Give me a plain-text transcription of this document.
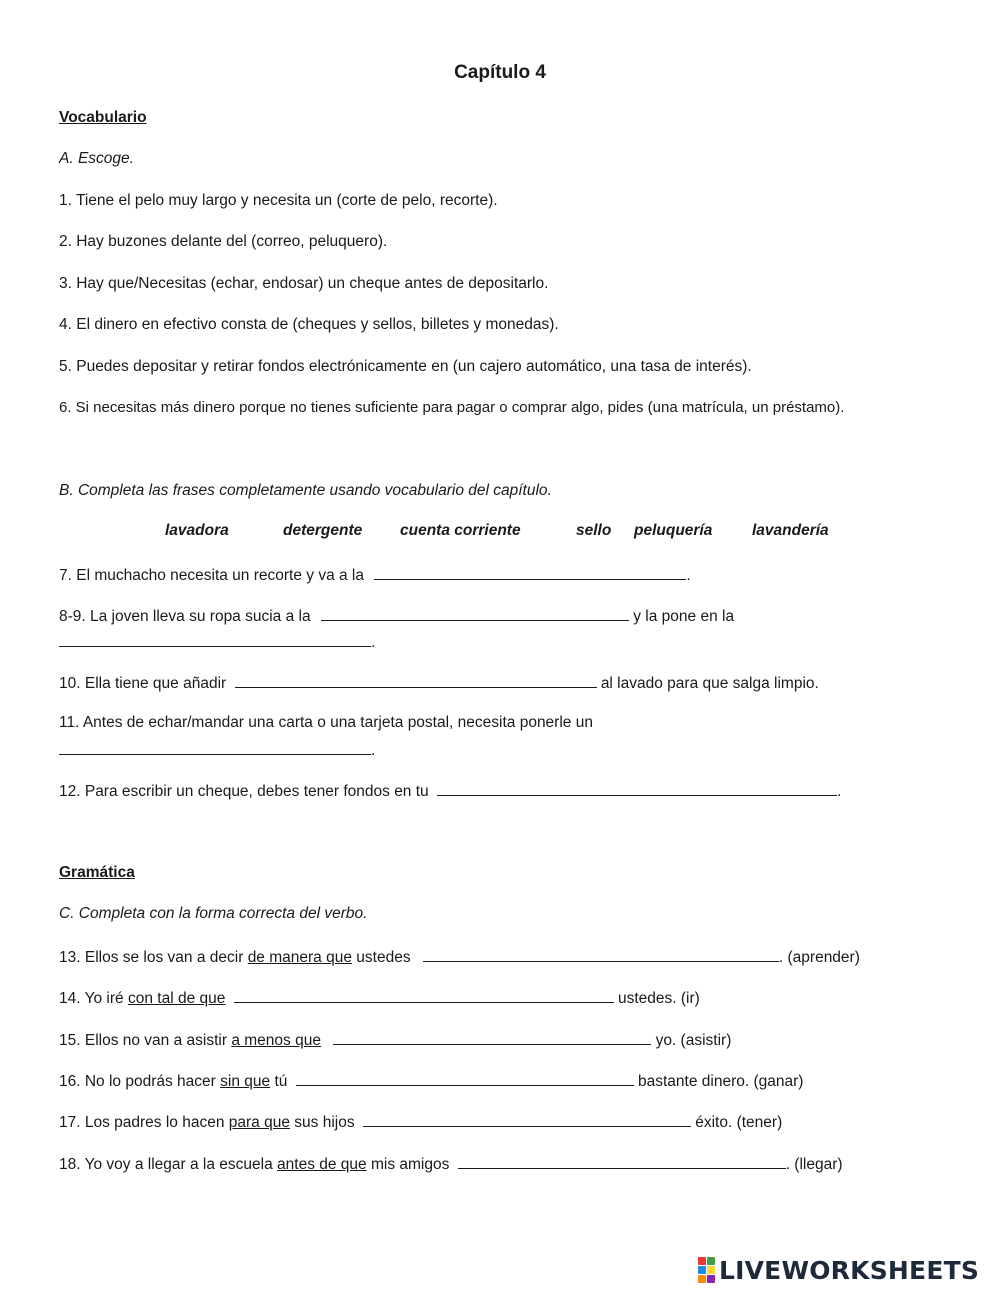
Capítulo 4
Vocabulario
A. Escoge.
1. Tiene el pelo muy largo y necesita un (corte de pelo, recorte).
2. Hay buzones delante del (correo, peluquero).
3. Hay que/Necesitas (echar, endosar) un cheque antes de depositarlo.
4. El dinero en efectivo consta de (cheques y sellos, billetes y monedas).
5. Puedes depositar y retirar fondos electrónicamente en (un cajero automático, una tasa de interés).
6. Si necesitas más dinero porque no tienes suficiente para pagar o comprar algo, pides (una matrícula, un préstamo).
B. Completa las frases completamente usando vocabulario del capítulo.
lavadora	detergente cuenta corriente	sello peluquería	lavandería
7. El muchacho necesita un recorte y va a la	.
8-9. La joven lleva su ropa sucia a la	y la pone en la
.
10. Ella tiene que añadir	al lavado para que salga limpio.
11. Antes de echar/mandar una carta o una tarjeta postal, necesita ponerle un
.
12. Para escribir un cheque, debes tener fondos en tu	.
Gramática
C. Completa con la forma correcta del verbo.
13. Ellos se los van a decir de manera que ustedes	. (aprender)
14. Yo iré con tal de que	ustedes. (ir)
15. Ellos no van a asistir a menos que	yo. (asistir)
16. No lo podrás hacer sin que tú	bastante dinero. (ganar)
17. Los padres lo hacen para que sus hijos	éxito. (tener)
18. Yo voy a llegar a la escuela antes de que mis amigos	. (llegar)
LIVEWORKSHEETS
